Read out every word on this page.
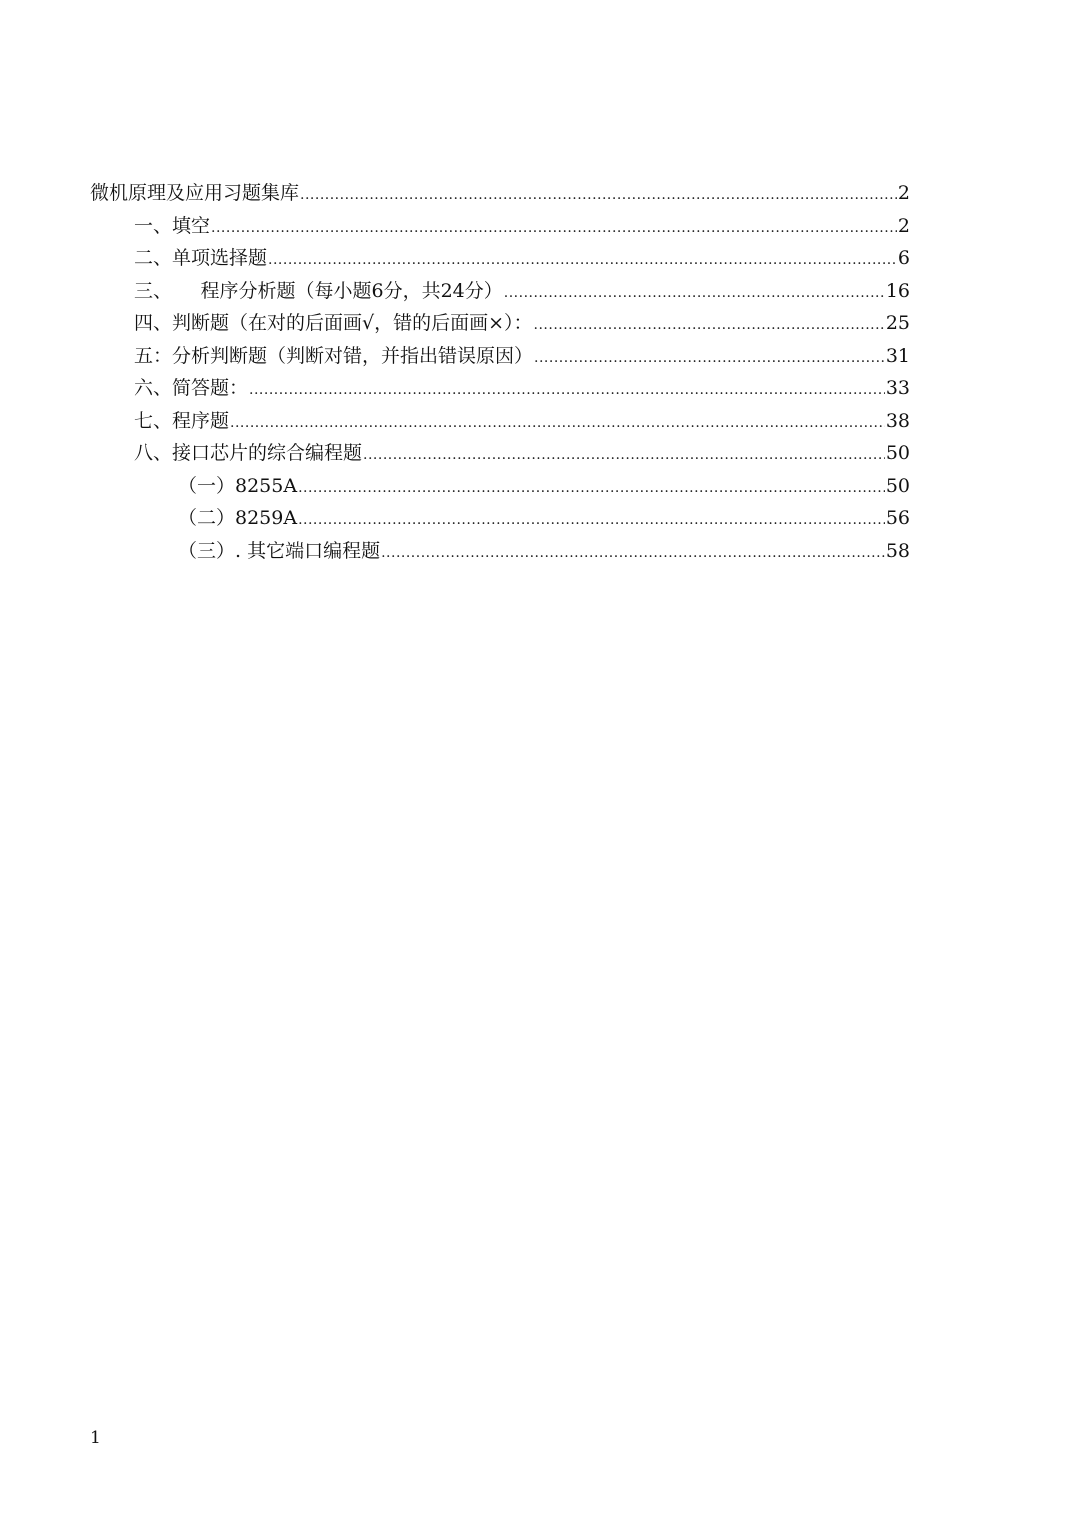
微机原理及应用习题集库 .....	2
一、填空 .....	2
二、单项选择题 .....	6
三、　　程序分析题（每小题6分，共24分） .....	16
四、判断题（在对的后面画√，错的后面画×）： .....	25
五：分析判断题（判断对错，并指出错误原因） .....	31
六、简答题： .....	33
七、程序题 .....	38
八、接口芯片的综合编程题 .....	50
（一）8255A .....	50
（二）8259A .....	56
（三）. 其它端口编程题 .....	58
1
